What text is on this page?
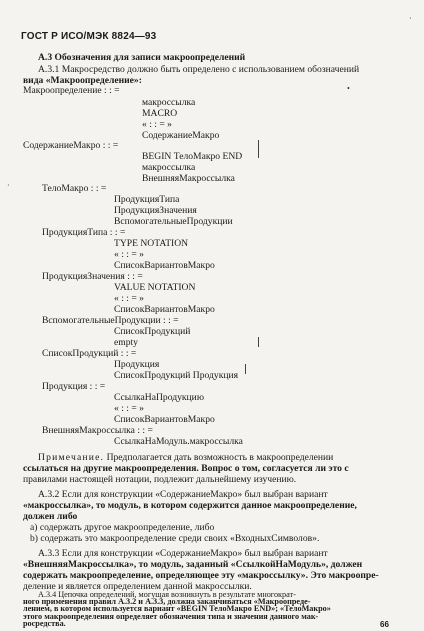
ГОСТ Р ИСО/МЭК 8824—93
A.3 Обозначения для записи макроопределений
A.3.1 Макросредство должно быть определено с использованием обозначений
вида «Макроопределение»:
Макроопределение : : =
макроссылка
MACRO
« : : = »
СодержаниеМакро
СодержаниеМакро : : =
BEGIN ТелоМакро END
макроссылка
ВнешняяМакроссылка
ТелоМакро : : =
ПродукцияТипа
ПродукцияЗначения
ВспомогательныеПродукции
ПродукцияТипа : : =
TYPE NOTATION
« : : = »
СписокВариантовМакро
ПродукцияЗначения : : =
VALUE NOTATION
« : : = »
СписокВариантовМакро
ВспомогательныеПродукции : : =
СписокПродукций
empty
СписокПродукций : : =
Продукция
СписокПродукций Продукция
Продукция : : =
СсылкаНаПродукцию
« : : = »
СписокВариантовМакро
ВнешняяМакроссылка : : =
СсылкаНаМодуль.макроссылка
•
·
·
Примечание. Предполагается дать возможность в макроопределении
ссылаться на другие макроопределения. Вопрос о том, согласуется ли это с
правилами настоящей нотации, подлежит дальнейшему изучению.
A.3.2 Если для конструкции «СодержаниеМакро» был выбран вариант
«макроссылка», то модуль, в котором содержится данное макроопределение,
должен либо
а) содержать другое макроопределение, либо
b) содержать это макроопределение среди своих «ВходныхСимволов».
A.3.3 Если для конструкции «СодержаниеМакро» был выбран вариант
«ВнешняяМакроссылка», то модуль, заданный «СсылкойНаМодуль», должен
содержать макроопределение, определяющее эту «макроссылку». Это макроопре-
деление и является определением данной макроссылки.
A.3.4 Цепочка определений, могущая возникнуть в результате многократ-
ного применения правил A.3.2 и A.3.3, должна заканчиваться «Макроопреде-
лением, в котором используется вариант «BEGIN ТелоМакро END»; «ТелоМакро»
этого макроопределения определяет обозначения типа и значения данного мак-
росредства.	66
